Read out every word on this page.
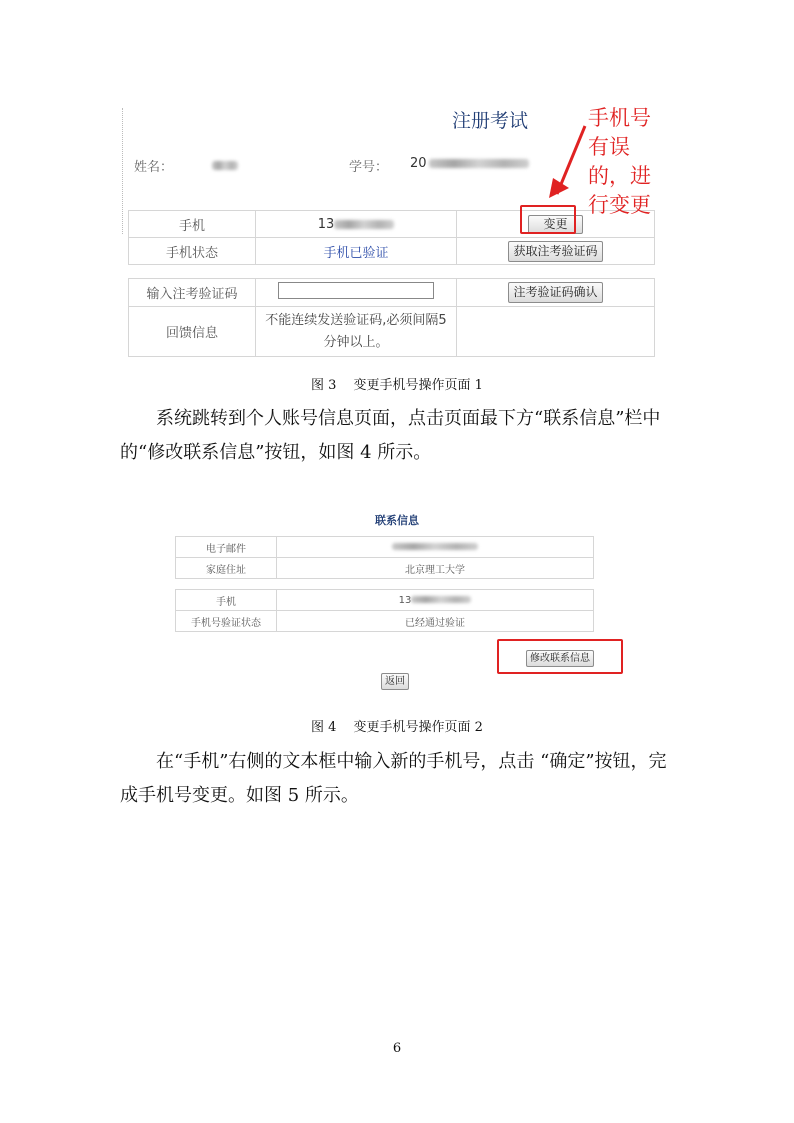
注册考试
姓名：	学号： 20
手机	13	变更
手机状态	手机已验证	获取注考验证码
输入注考验证码		注考验证码确认
回馈信息	不能连续发送验证码,必须间隔5分钟以上。	
手机号有误的，进行变更
图 3　 变更手机号操作页面 1
系统跳转到个人账号信息页面，点击页面最下方“联系信息”栏中的“修改联系信息”按钮，如图 4 所示。
联系信息
电子邮件	
家庭住址	北京理工大学
手机	13
手机号验证状态	已经通过验证
修改联系信息
返回
图 4　 变更手机号操作页面 2
在“手机”右侧的文本框中输入新的手机号，点击 “确定”按钮，完成手机号变更。如图 5 所示。
6
